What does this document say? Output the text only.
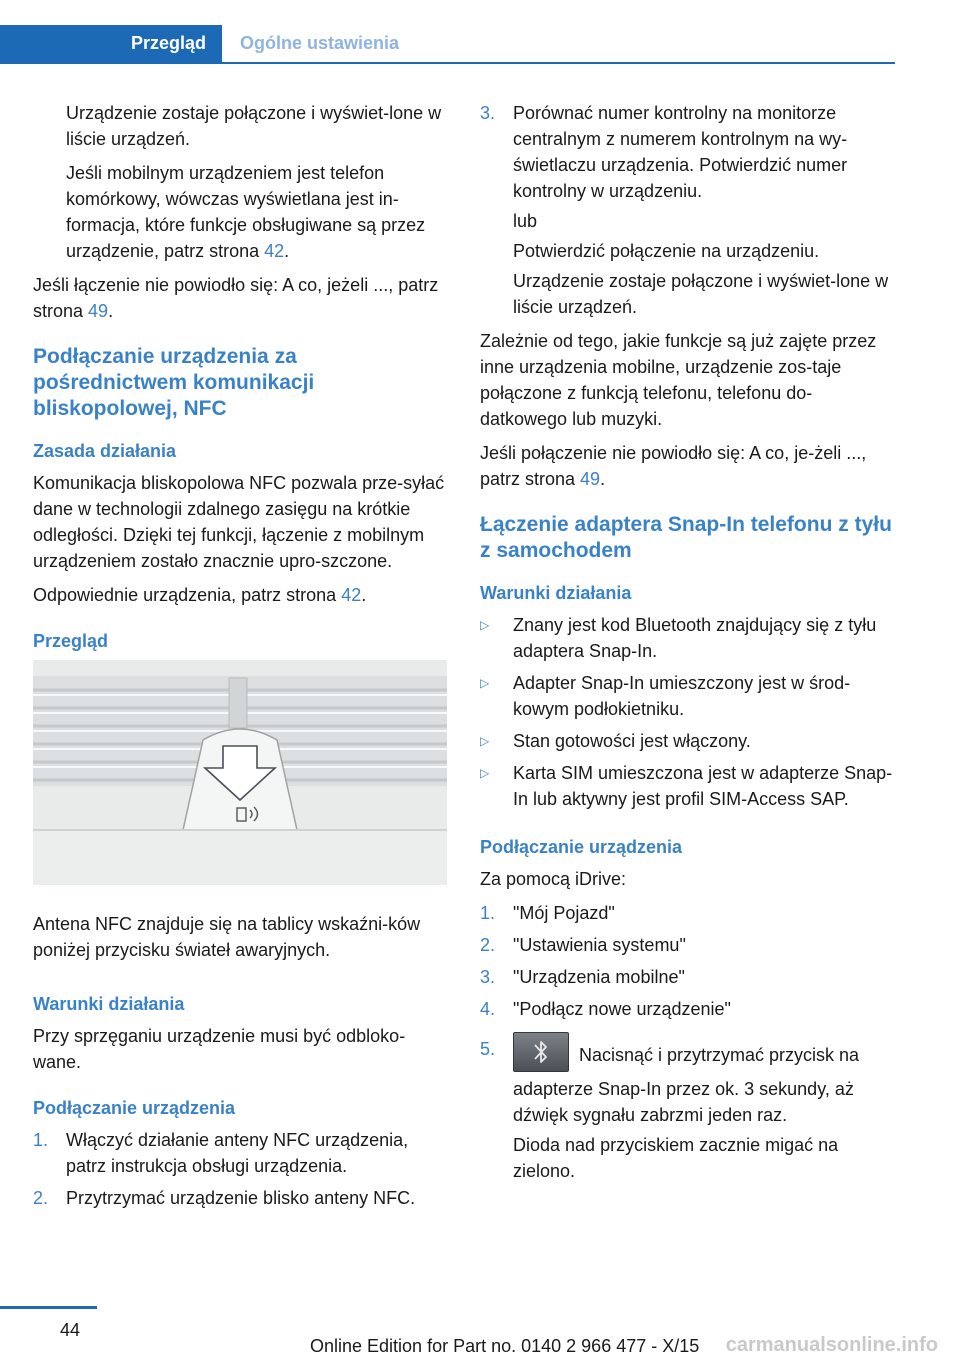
Przegląd	Ogólne ustawienia

Urządzenie zostaje połączone i wyświet-lone w liście urządzeń.

Jeśli mobilnym urządzeniem jest telefon komórkowy, wówczas wyświetlana jest in-formacja, które funkcje obsługiwane są przez urządzenie, patrz strona 42.

Jeśli łączenie nie powiodło się: A co, jeżeli ..., patrz strona 49.

Podłączanie urządzenia za pośrednictwem komunikacji bliskopolowej, NFC
Zasada działania

Komunikacja bliskopolowa NFC pozwala prze-syłać dane w technologii zdalnego zasięgu na krótkie odległości. Dzięki tej funkcji, łączenie z mobilnym urządzeniem zostało znacznie upro-szczone.

Odpowiednie urządzenia, patrz strona 42.

Przegląd

Antena NFC znajduje się na tablicy wskaźni-ków poniżej przycisku świateł awaryjnych.

Warunki działania

Przy sprzęganiu urządzenie musi być odbloko-wane.

Podłączanie urządzenia
1. Włączyć działanie anteny NFC urządzenia, patrz instrukcja obsługi urządzenia.
2. Przytrzymać urządzenie blisko anteny NFC.
3. Porównać numer kontrolny na monitorze centralnym z numerem kontrolnym na wy-świetlaczu urządzenia. Potwierdzić numer kontrolny w urządzeniu.

lub

Potwierdzić połączenie na urządzeniu.

Urządzenie zostaje połączone i wyświet-lone w liście urządzeń.

Zależnie od tego, jakie funkcje są już zajęte przez inne urządzenia mobilne, urządzenie zos-taje połączone z funkcją telefonu, telefonu do-datkowego lub muzyki.

Jeśli połączenie nie powiodło się: A co, je-żeli ..., patrz strona 49.

Łączenie adaptera Snap-In telefonu z tyłu z samochodem
Warunki działania
▷ Znany jest kod Bluetooth znajdujący się z tyłu adaptera Snap-In.
▷ Adapter Snap-In umieszczony jest w środ-kowym podłokietniku.
▷ Stan gotowości jest włączony.
▷ Karta SIM umieszczona jest w adapterze Snap-In lub aktywny jest profil SIM-Access SAP.
Podłączanie urządzenia

Za pomocą iDrive:

1. "Mój Pojazd"
2. "Ustawienia systemu"
3. "Urządzenia mobilne"
4. "Podłącz nowe urządzenie"
5.	Nacisnąć i przytrzymać przycisk na adapterze Snap-In przez ok. 3 sekundy, aż dźwięk sygnału zabrzmi jeden raz.

Dioda nad przyciskiem zacznie migać na zielono.

44
Online Edition for Part no. 0140 2 966 477 - X/15 carmanualsonline.info
